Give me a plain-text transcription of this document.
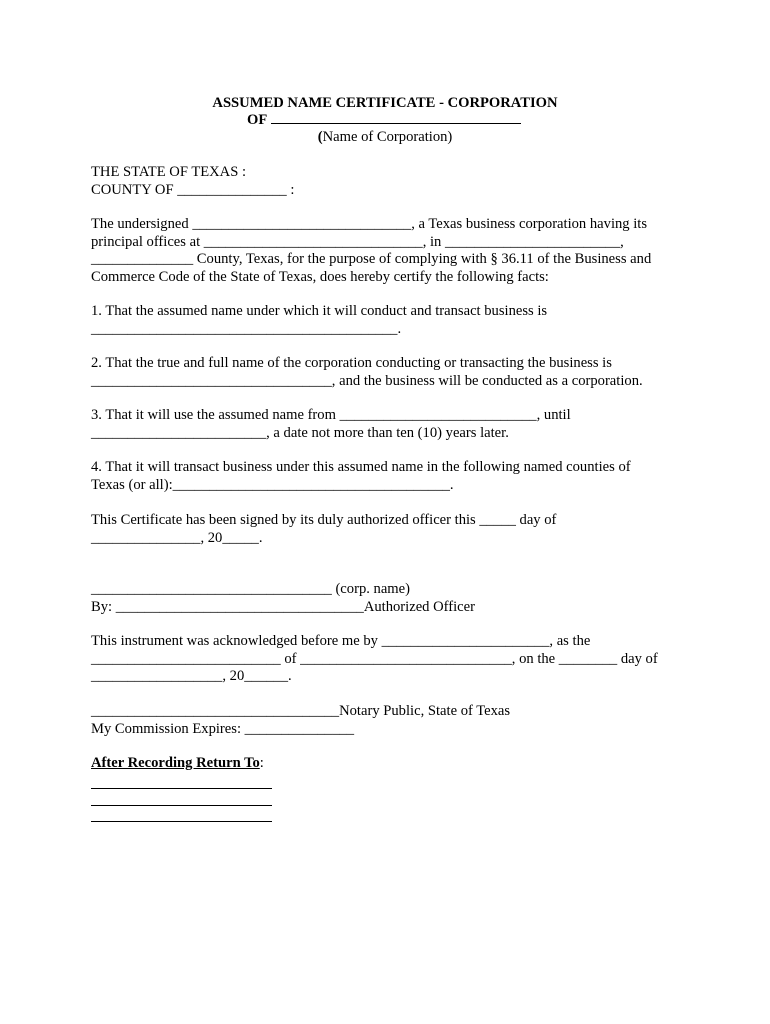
ASSUMED NAME CERTIFICATE - CORPORATION
OF
(Name of Corporation)
THE STATE OF TEXAS :
COUNTY OF _______________ :
The undersigned ______________________________, a Texas business corporation having its
principal offices at ______________________________, in ________________________,
______________ County, Texas, for the purpose of complying with § 36.11 of the Business and
Commerce Code of the State of Texas, does hereby certify the following facts:
1. That the assumed name under which it will conduct and transact business is
__________________________________________.
2. That the true and full name of the corporation conducting or transacting the business is
_________________________________, and the business will be conducted as a corporation.
3. That it will use the assumed name from ___________________________, until
________________________, a date not more than ten (10) years later.
4. That it will transact business under this assumed name in the following named counties of
Texas (or all):______________________________________.
This Certificate has been signed by its duly authorized officer this _____ day of
_______________, 20_____.
_________________________________ (corp. name)
By: __________________________________Authorized Officer
This instrument was acknowledged before me by _______________________, as the
__________________________ of _____________________________, on the ________ day of
__________________, 20______.
__________________________________Notary Public, State of Texas
My Commission Expires: _______________
After Recording Return To:
